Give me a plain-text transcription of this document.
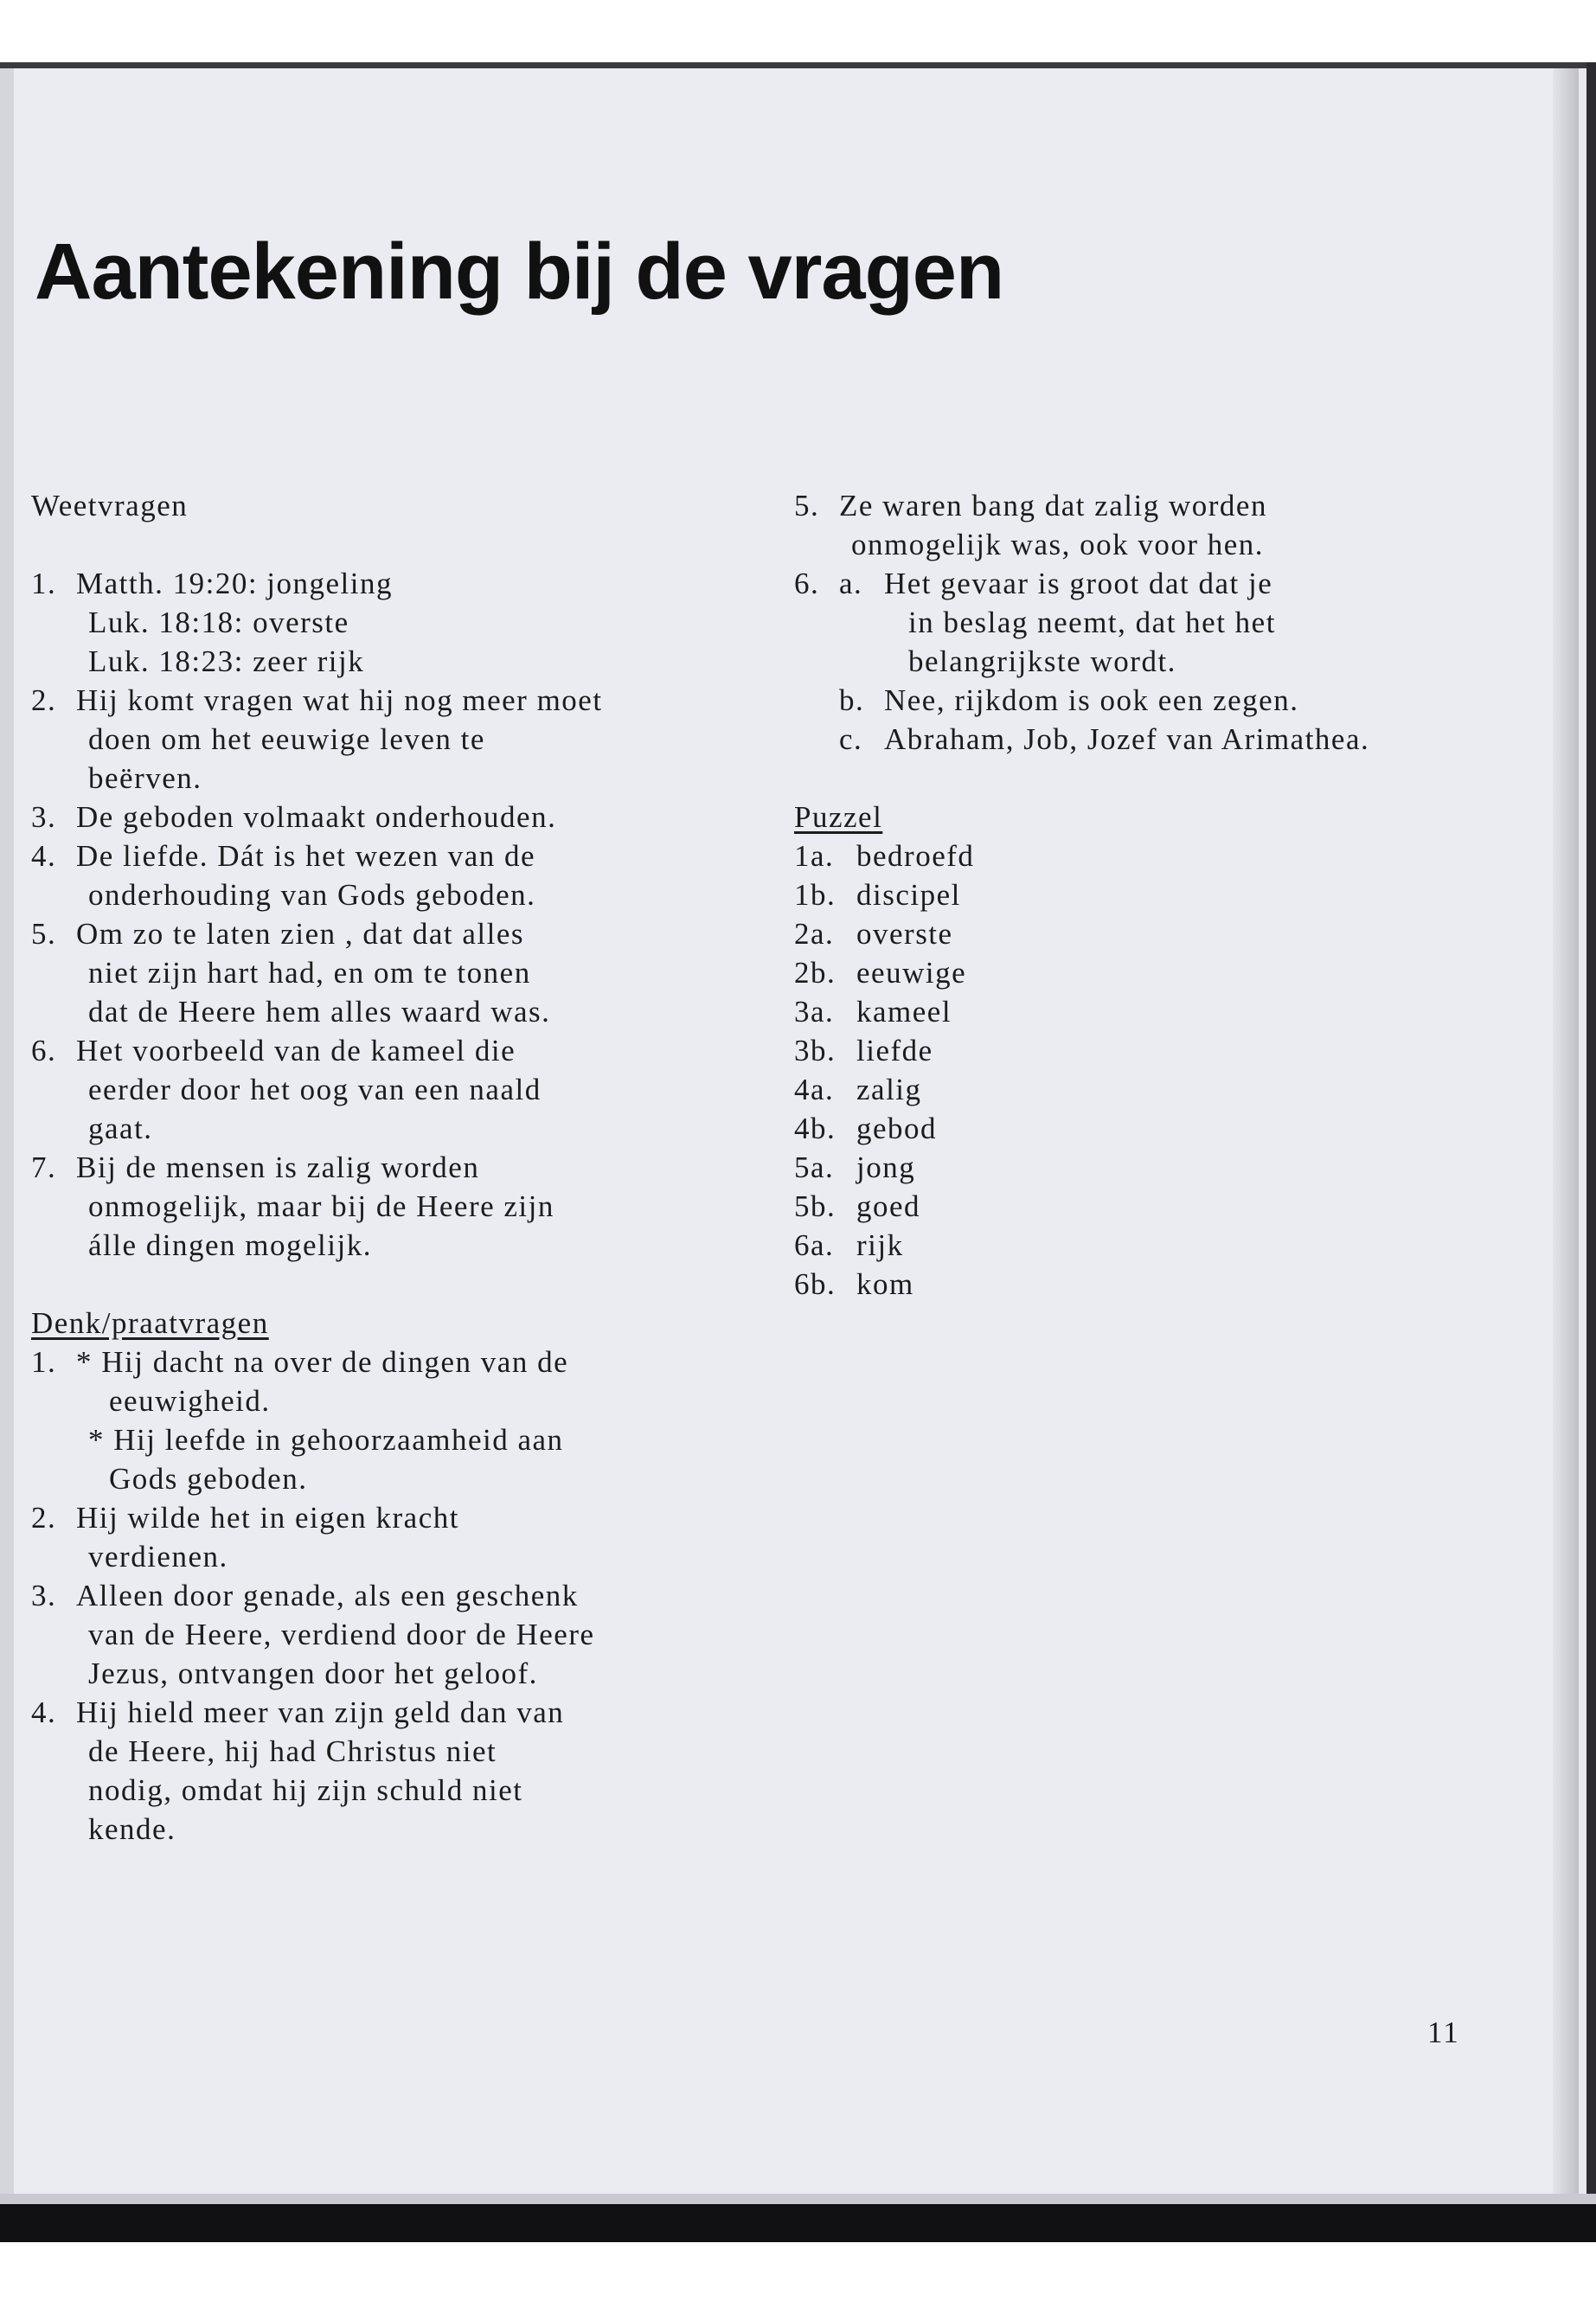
Aantekening bij de vragen
Weetvragen
1. Matth. 19:20: jongeling
Luk. 18:18: overste
Luk. 18:23: zeer rijk
2. Hij komt vragen wat hij nog meer moet
doen om het eeuwige leven te
beërven.
3. De geboden volmaakt onderhouden.
4. De liefde. Dát is het wezen van de
onderhouding van Gods geboden.
5. Om zo te laten zien , dat dat alles
niet zijn hart had, en om te tonen
dat de Heere hem alles waard was.
6. Het voorbeeld van de kameel die
eerder door het oog van een naald
gaat.
7. Bij de mensen is zalig worden
onmogelijk, maar bij de Heere zijn
álle dingen mogelijk.
Denk/praatvragen
1. * Hij dacht na over de dingen van de
eeuwigheid.
* Hij leefde in gehoorzaamheid aan
Gods geboden.
2. Hij wilde het in eigen kracht
verdienen.
3. Alleen door genade, als een geschenk
van de Heere, verdiend door de Heere
Jezus, ontvangen door het geloof.
4. Hij hield meer van zijn geld dan van
de Heere, hij had Christus niet
nodig, omdat hij zijn schuld niet
kende.
5. Ze waren bang dat zalig worden
onmogelijk was, ook voor hen.
6. a. Het gevaar is groot dat dat je
in beslag neemt, dat het het
belangrijkste wordt.
b. Nee, rijkdom is ook een zegen.
c. Abraham, Job, Jozef van Arimathea.
Puzzel
1a. bedroefd
1b. discipel
2a. overste
2b. eeuwige
3a. kameel
3b. liefde
4a. zalig
4b. gebod
5a. jong
5b. goed
6a. rijk
6b. kom
11
